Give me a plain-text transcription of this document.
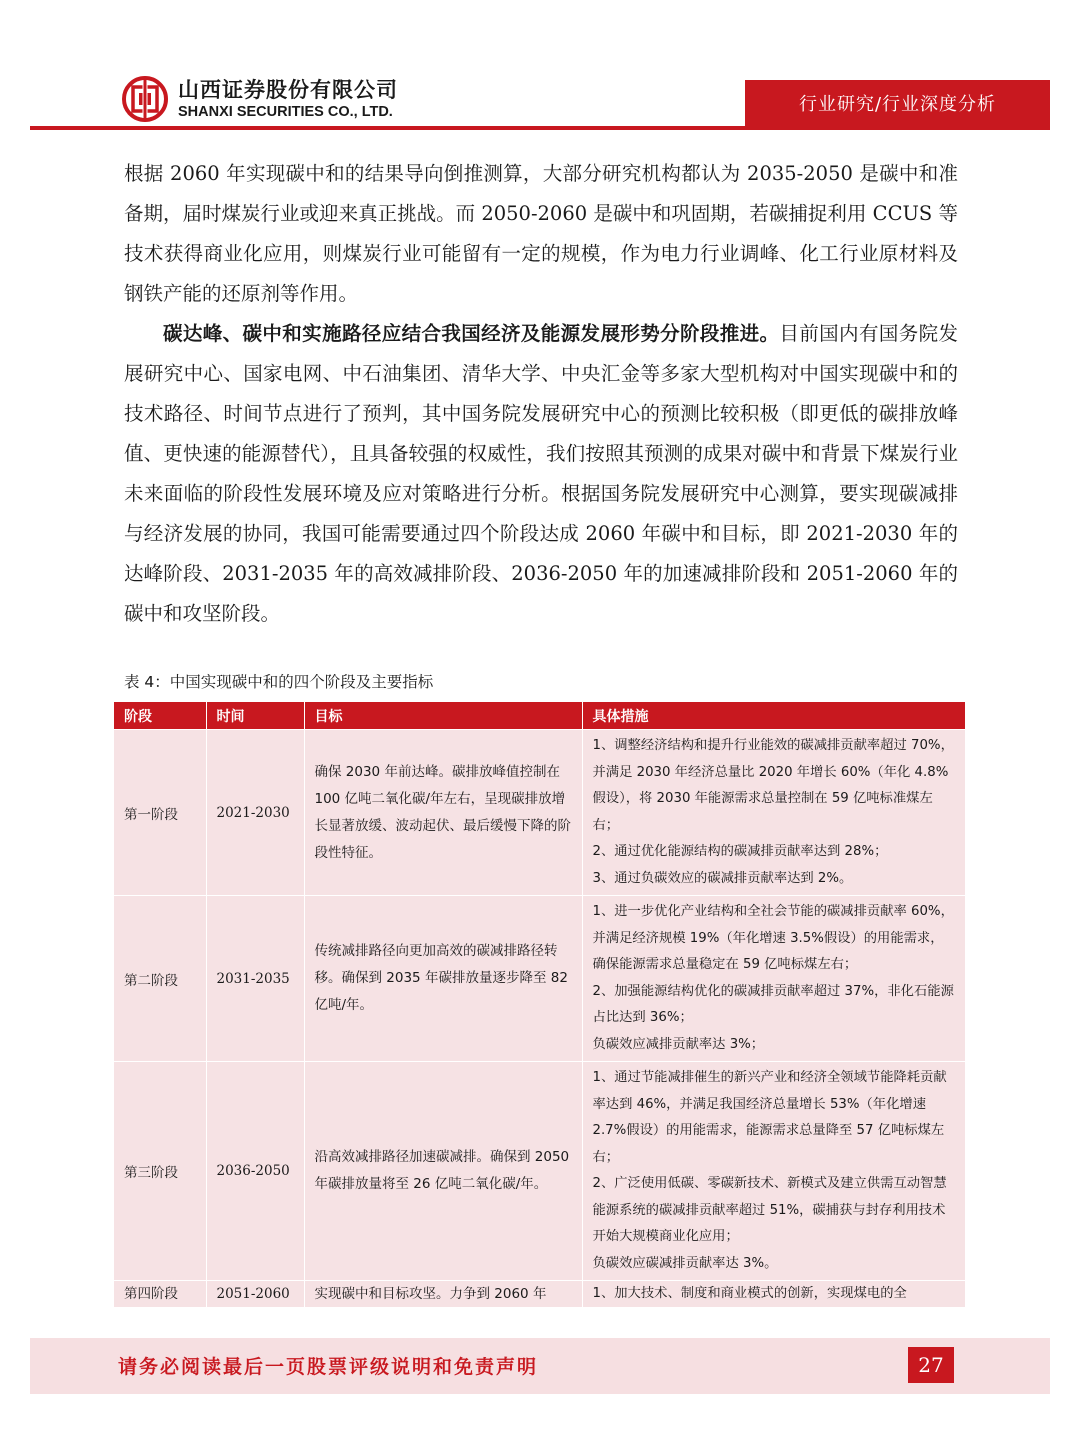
山西证券股份有限公司
SHANXI SECURITIES CO., LTD.	行业研究/行业深度分析

根据 2060 年实现碳中和的结果导向倒推测算，大部分研究机构都认为 2035-2050 是碳中和准备期，届时煤炭行业或迎来真正挑战。而 2050-2060 是碳中和巩固期，若碳捕捉利用 CCUS 等技术获得商业化应用，则煤炭行业可能留有一定的规模，作为电力行业调峰、化工行业原材料及钢铁产能的还原剂等作用。

碳达峰、碳中和实施路径应结合我国经济及能源发展形势分阶段推进。目前国内有国务院发展研究中心、国家电网、中石油集团、清华大学、中央汇金等多家大型机构对中国实现碳中和的技术路径、时间节点进行了预判，其中国务院发展研究中心的预测比较积极（即更低的碳排放峰值、更快速的能源替代），且具备较强的权威性，我们按照其预测的成果对碳中和背景下煤炭行业未来面临的阶段性发展环境及应对策略进行分析。根据国务院发展研究中心测算，要实现碳减排与经济发展的协同，我国可能需要通过四个阶段达成 2060 年碳中和目标，即 2021-2030 年的达峰阶段、2031-2035 年的高效减排阶段、2036-2050 年的加速减排阶段和 2051-2060 年的碳中和攻坚阶段。

表 4：中国实现碳中和的四个阶段及主要指标
阶段	时间	目标	具体措施
第一阶段	2021-2030	确保 2030 年前达峰。碳排放峰值控制在 100 亿吨二氧化碳/年左右，呈现碳排放增长显著放缓、波动起伏、最后缓慢下降的阶段性特征。	1、调整经济结构和提升行业能效的碳减排贡献率超过 70%，并满足 2030 年经济总量比 2020 年增长 60%（年化 4.8%假设），将 2030 年能源需求总量控制在 59 亿吨标准煤左右；
2、通过优化能源结构的碳减排贡献率达到 28%；
3、通过负碳效应的碳减排贡献率达到 2%。

第二阶段	2031-2035	传统减排路径向更加高效的碳减排路径转移。确保到 2035 年碳排放量逐步降至 82 亿吨/年。	1、进一步优化产业结构和全社会节能的碳减排贡献率 60%，并满足经济规模 19%（年化增速 3.5%假设）的用能需求，确保能源需求总量稳定在 59 亿吨标煤左右；
2、加强能源结构优化的碳减排贡献率超过 37%，非化石能源占比达到 36%；
负碳效应减排贡献率达 3%；

第三阶段	2036-2050	沿高效减排路径加速碳减排。确保到 2050 年碳排放量将至 26 亿吨二氧化碳/年。	1、通过节能减排催生的新兴产业和经济全领域节能降耗贡献率达到 46%，并满足我国经济总量增长 53%（年化增速 2.7%假设）的用能需求，能源需求总量降至 57 亿吨标煤左右；
2、广泛使用低碳、零碳新技术、新模式及建立供需互动智慧能源系统的碳减排贡献率超过 51%，碳捕获与封存利用技术开始大规模商业化应用；
负碳效应碳减排贡献率达 3%。

第四阶段	2051-2060	实现碳中和目标攻坚。力争到 2060 年	1、加大技术、制度和商业模式的创新，实现煤电的全
请务必阅读最后一页股票评级说明和免责声明	27
